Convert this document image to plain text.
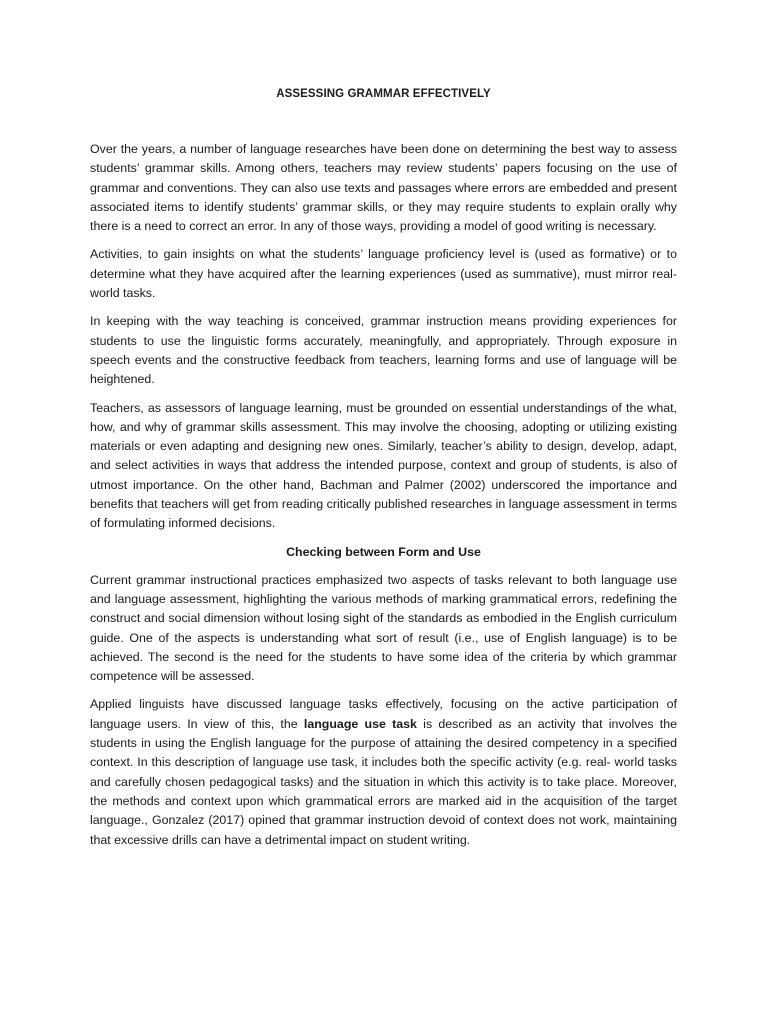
ASSESSING GRAMMAR EFFECTIVELY

Over the years, a number of language researches have been done on determining the best way to assess students’ grammar skills. Among others, teachers may review students’ papers focusing on the use of grammar and conventions. They can also use texts and passages where errors are embedded and present associated items to identify students’ grammar skills, or they may require students to explain orally why there is a need to correct an error. In any of those ways, providing a model of good writing is necessary.

Activities, to gain insights on what the students’ language proficiency level is (used as formative) or to determine what they have acquired after the learning experiences (used as summative), must mirror real-world tasks.

In keeping with the way teaching is conceived, grammar instruction means providing experiences for students to use the linguistic forms accurately, meaningfully, and appropriately. Through exposure in speech events and the constructive feedback from teachers, learning forms and use of language will be heightened.

Teachers, as assessors of language learning, must be grounded on essential understandings of the what, how, and why of grammar skills assessment. This may involve the choosing, adopting or utilizing existing materials or even adapting and designing new ones. Similarly, teacher’s ability to design, develop, adapt, and select activities in ways that address the intended purpose, context and group of students, is also of utmost importance. On the other hand, Bachman and Palmer (2002) underscored the importance and benefits that teachers will get from reading critically published researches in language assessment in terms of formulating informed decisions.

Checking between Form and Use

Current grammar instructional practices emphasized two aspects of tasks relevant to both language use and language assessment, highlighting the various methods of marking grammatical errors, redefining the construct and social dimension without losing sight of the standards as embodied in the English curriculum guide. One of the aspects is understanding what sort of result (i.e., use of English language) is to be achieved. The second is the need for the students to have some idea of the criteria by which grammar competence will be assessed.

Applied linguists have discussed language tasks effectively, focusing on the active participation of language users. In view of this, the language use task is described as an activity that involves the students in using the English language for the purpose of attaining the desired competency in a specified context. In this description of language use task, it includes both the specific activity (e.g. real- world tasks and carefully chosen pedagogical tasks) and the situation in which this activity is to take place. Moreover, the methods and context upon which grammatical errors are marked aid in the acquisition of the target language., Gonzalez (2017) opined that grammar instruction devoid of context does not work, maintaining that excessive drills can have a detrimental impact on student writing.
